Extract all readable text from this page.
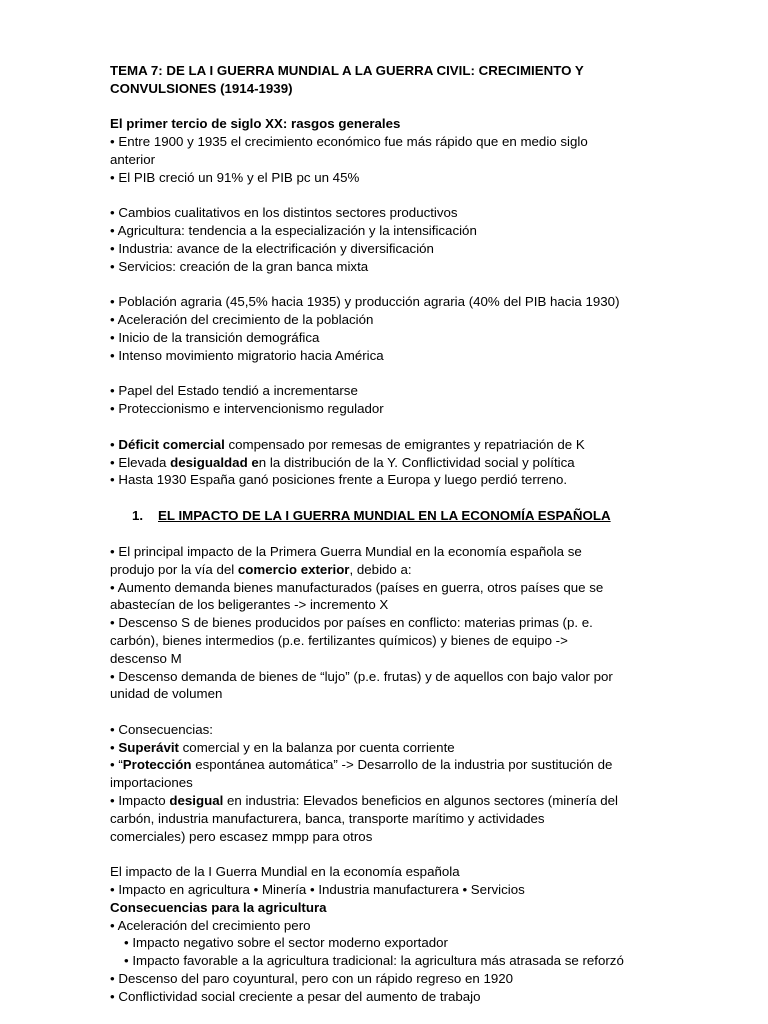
TEMA 7: DE LA I GUERRA MUNDIAL A LA GUERRA CIVIL: CRECIMIENTO Y
CONVULSIONES (1914-1939)
El primer tercio de siglo XX: rasgos generales
• Entre 1900 y 1935 el crecimiento económico fue más rápido que en medio siglo
anterior
• El PIB creció un 91% y el PIB pc un 45%
• Cambios cualitativos en los distintos sectores productivos
• Agricultura: tendencia a la especialización y la intensificación
• Industria: avance de la electrificación y diversificación
• Servicios: creación de la gran banca mixta
• Población agraria (45,5% hacia 1935) y producción agraria (40% del PIB hacia 1930)
• Aceleración del crecimiento de la población
• Inicio de la transición demográfica
• Intenso movimiento migratorio hacia América
• Papel del Estado tendió a incrementarse
• Proteccionismo e intervencionismo regulador
• Déficit comercial compensado por remesas de emigrantes y repatriación de K
• Elevada desigualdad en la distribución de la Y. Conflictividad social y política
• Hasta 1930 España ganó posiciones frente a Europa y luego perdió terreno.
1. EL IMPACTO DE LA I GUERRA MUNDIAL EN LA ECONOMÍA ESPAÑOLA
• El principal impacto de la Primera Guerra Mundial en la economía española se
produjo por la vía del comercio exterior, debido a:
• Aumento demanda bienes manufacturados (países en guerra, otros países que se
abastecían de los beligerantes -> incremento X
• Descenso S de bienes producidos por países en conflicto: materias primas (p. e.
carbón), bienes intermedios (p.e. fertilizantes químicos) y bienes de equipo ->
descenso M
• Descenso demanda de bienes de “lujo” (p.e. frutas) y de aquellos con bajo valor por
unidad de volumen
• Consecuencias:
• Superávit comercial y en la balanza por cuenta corriente
• “Protección espontánea automática” -> Desarrollo de la industria por sustitución de
importaciones
• Impacto desigual en industria: Elevados beneficios en algunos sectores (minería del
carbón, industria manufacturera, banca, transporte marítimo y actividades
comerciales) pero escasez mmpp para otros
El impacto de la I Guerra Mundial en la economía española
• Impacto en agricultura • Minería • Industria manufacturera • Servicios
Consecuencias para la agricultura
• Aceleración del crecimiento pero
• Impacto negativo sobre el sector moderno exportador
• Impacto favorable a la agricultura tradicional: la agricultura más atrasada se reforzó
• Descenso del paro coyuntural, pero con un rápido regreso en 1920
• Conflictividad social creciente a pesar del aumento de trabajo
